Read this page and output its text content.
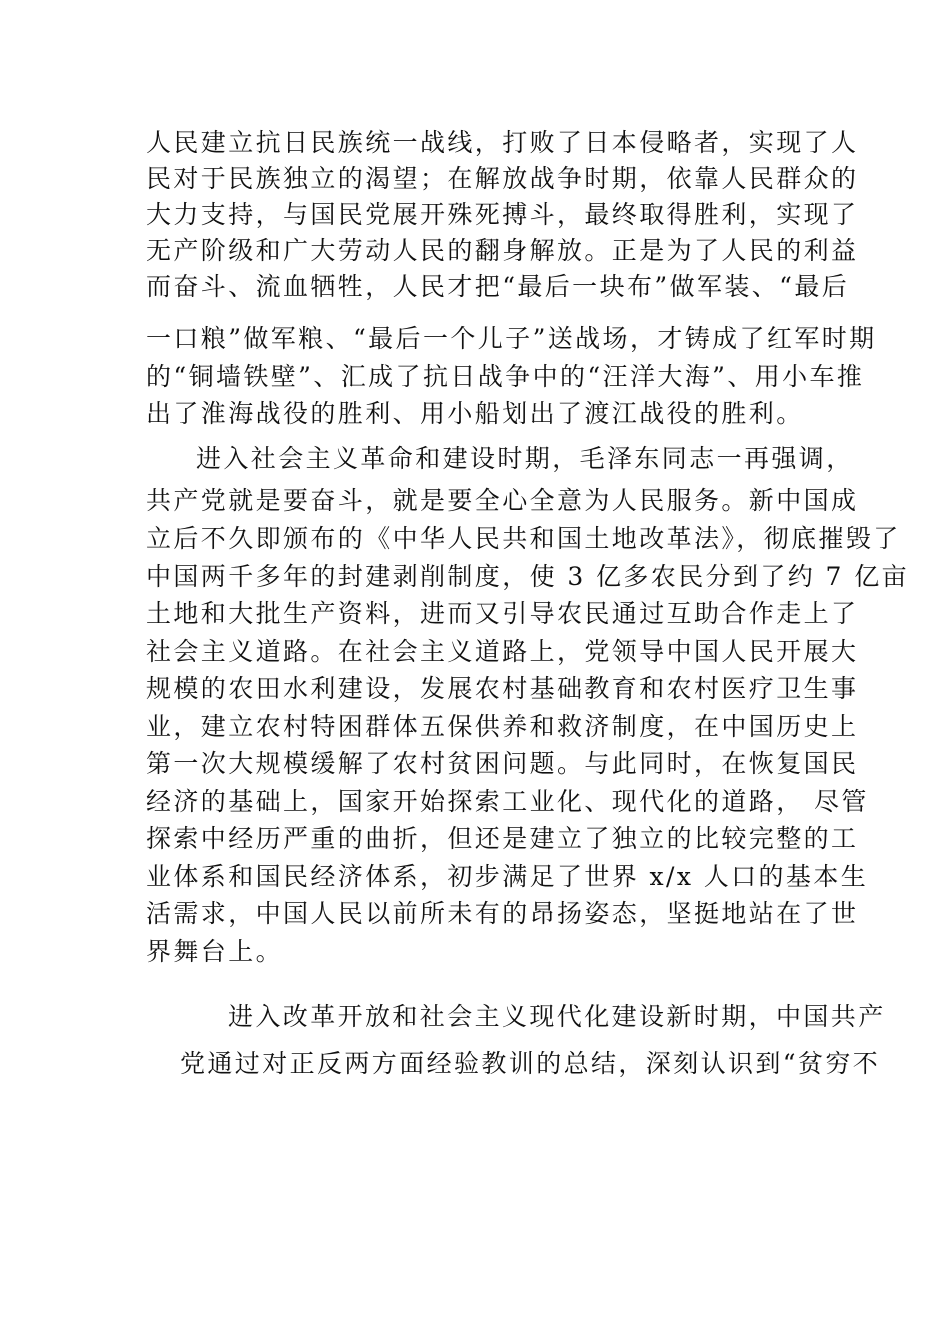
人民建立抗日民族统一战线，打败了日本侵略者，实现了人
民对于民族独立的渴望；在解放战争时期，依靠人民群众的
大力支持，与国民党展开殊死搏斗，最终取得胜利，实现了
无产阶级和广大劳动人民的翻身解放。正是为了人民的利益
而奋斗、流血牺牲，人民才把“最后一块布”做军装、“最后
一口粮”做军粮、“最后一个儿子”送战场，才铸成了红军时期
的“铜墙铁壁”、汇成了抗日战争中的“汪洋大海”、用小车推
出了淮海战役的胜利、用小船划出了渡江战役的胜利。
进入社会主义革命和建设时期，毛泽东同志一再强调，
共产党就是要奋斗，就是要全心全意为人民服务。新中国成
立后不久即颁布的《中华人民共和国土地改革法》，彻底摧毁了
中国两千多年的封建剥削制度，使 3 亿多农民分到了约 7 亿亩
土地和大批生产资料，进而又引导农民通过互助合作走上了
社会主义道路。在社会主义道路上，党领导中国人民开展大
规模的农田水利建设，发展农村基础教育和农村医疗卫生事
业，建立农村特困群体五保供养和救济制度，在中国历史上
第一次大规模缓解了农村贫困问题。与此同时，在恢复国民
经济的基础上，国家开始探索工业化、现代化的道路， 尽管
探索中经历严重的曲折，但还是建立了独立的比较完整的工
业体系和国民经济体系，初步满足了世界 x/x 人口的基本生
活需求，中国人民以前所未有的昂扬姿态，坚挺地站在了世
界舞台上。
进入改革开放和社会主义现代化建设新时期，中国共产
党通过对正反两方面经验教训的总结，深刻认识到“贫穷不
